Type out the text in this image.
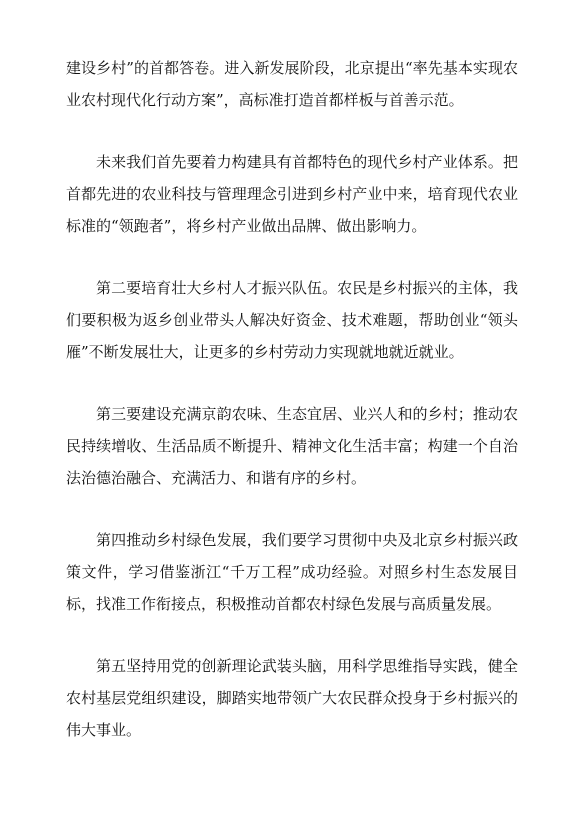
建设乡村”的首都答卷。进入新发展阶段，北京提出“率先基本实现农业农村现代化行动方案”，高标准打造首都样板与首善示范。

未来我们首先要着力构建具有首都特色的现代乡村产业体系。把首都先进的农业科技与管理理念引进到乡村产业中来，培育现代农业标准的“领跑者”，将乡村产业做出品牌、做出影响力。

第二要培育壮大乡村人才振兴队伍。农民是乡村振兴的主体，我们要积极为返乡创业带头人解决好资金、技术难题，帮助创业“领头雁”不断发展壮大，让更多的乡村劳动力实现就地就近就业。

第三要建设充满京韵农味、生态宜居、业兴人和的乡村；推动农民持续增收、生活品质不断提升、精神文化生活丰富；构建一个自治法治德治融合、充满活力、和谐有序的乡村。

第四推动乡村绿色发展，我们要学习贯彻中央及北京乡村振兴政策文件，学习借鉴浙江“千万工程”成功经验。对照乡村生态发展目标，找准工作衔接点，积极推动首都农村绿色发展与高质量发展。

第五坚持用党的创新理论武装头脑，用科学思维指导实践，健全农村基层党组织建设，脚踏实地带领广大农民群众投身于乡村振兴的伟大事业。
